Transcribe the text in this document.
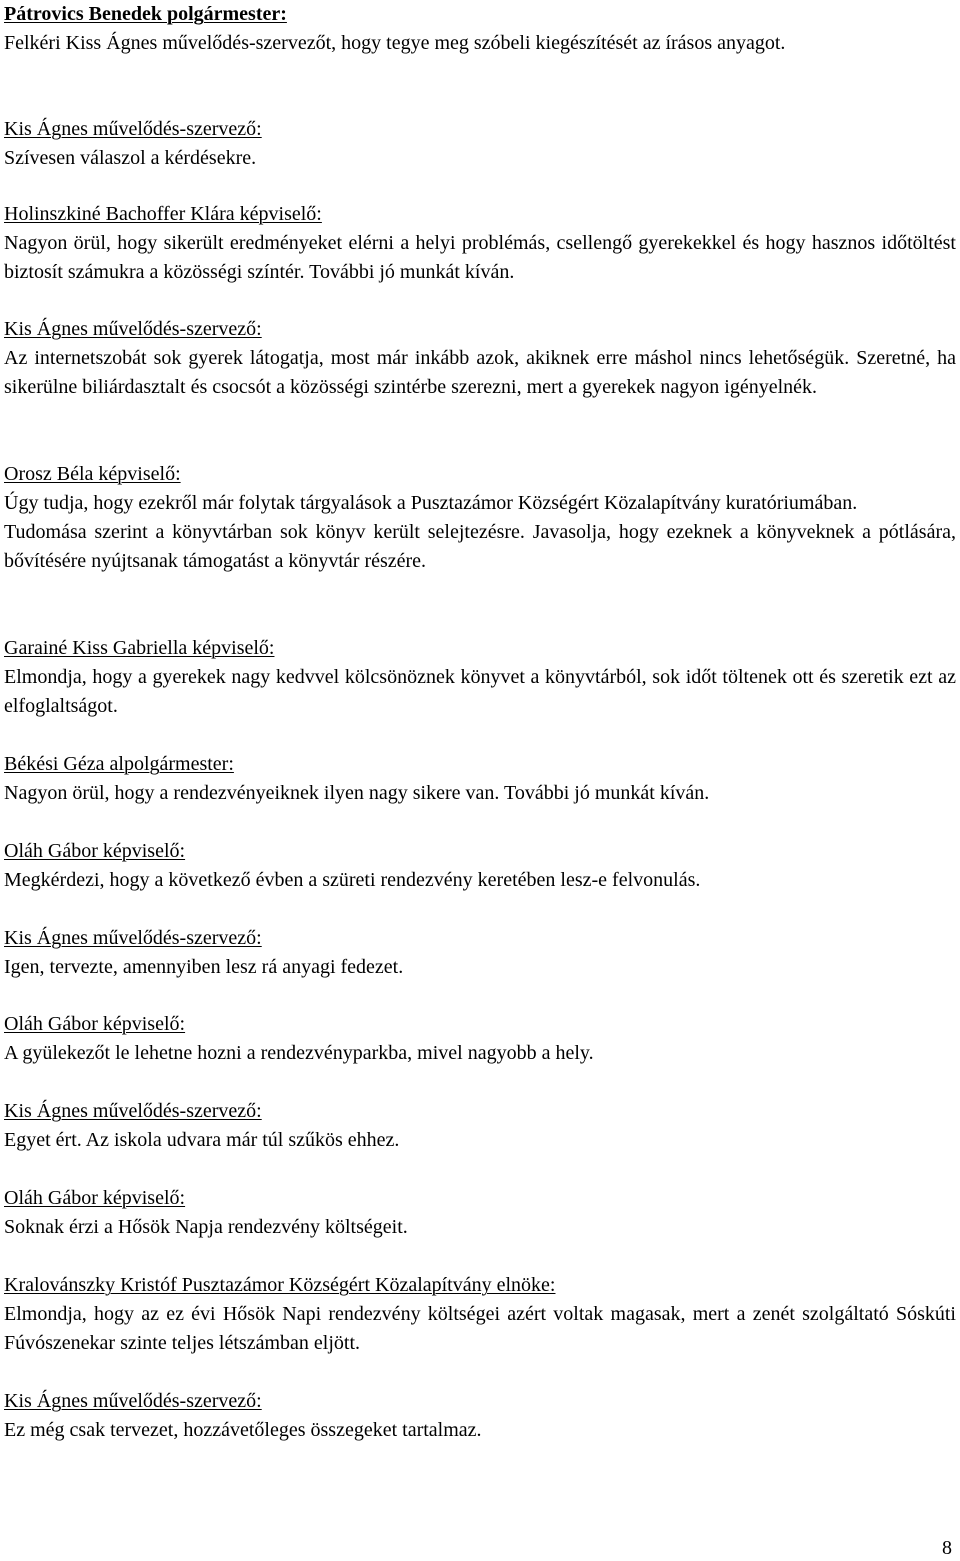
Pátrovics Benedek polgármester:

Felkéri Kiss Ágnes művelődés-szervezőt, hogy tegye meg szóbeli kiegészítését az írásos anyagot.

Kis Ágnes művelődés-szervező:

Szívesen válaszol a kérdésekre.

Holinszkiné Bachoffer Klára képviselő:

Nagyon örül, hogy sikerült eredményeket elérni a helyi problémás, csellengő gyerekekkel és hogy hasznos időtöltést biztosít számukra a közösségi színtér. További jó munkát kíván.

Kis Ágnes művelődés-szervező:

Az internetszobát sok gyerek látogatja, most már inkább azok, akiknek erre máshol nincs lehetőségük. Szeretné, ha sikerülne biliárdasztalt és csocsót a közösségi szintérbe szerezni, mert a gyerekek nagyon igényelnék.

Orosz Béla képviselő:

Úgy tudja, hogy ezekről már folytak tárgyalások a Pusztazámor Községért Közalapítvány kuratóriumában.

Tudomása szerint a könyvtárban sok könyv került selejtezésre. Javasolja, hogy ezeknek a könyveknek a pótlására, bővítésére nyújtsanak támogatást a könyvtár részére.

Garainé Kiss Gabriella képviselő:

Elmondja, hogy a gyerekek nagy kedvvel kölcsönöznek könyvet a könyvtárból, sok időt töltenek ott és szeretik ezt az elfoglaltságot.

Békési Géza alpolgármester:

Nagyon örül, hogy a rendezvényeiknek ilyen nagy sikere van. További jó munkát kíván.

Oláh Gábor képviselő:

Megkérdezi, hogy a következő évben a szüreti rendezvény keretében lesz-e felvonulás.

Kis Ágnes művelődés-szervező:

Igen, tervezte, amennyiben lesz rá anyagi fedezet.

Oláh Gábor képviselő:

A gyülekezőt le lehetne hozni a rendezvényparkba, mivel nagyobb a hely.

Kis Ágnes művelődés-szervező:

Egyet ért. Az iskola udvara már túl szűkös ehhez.

Oláh Gábor képviselő:

Soknak érzi a Hősök Napja rendezvény költségeit.

Kralovánszky Kristóf Pusztazámor Községért Közalapítvány elnöke:

Elmondja, hogy az ez évi Hősök Napi rendezvény költségei azért voltak magasak, mert a zenét szolgáltató Sóskúti Fúvószenekar szinte teljes létszámban eljött.

Kis Ágnes művelődés-szervező:

Ez még csak tervezet, hozzávetőleges összegeket tartalmaz.

8
